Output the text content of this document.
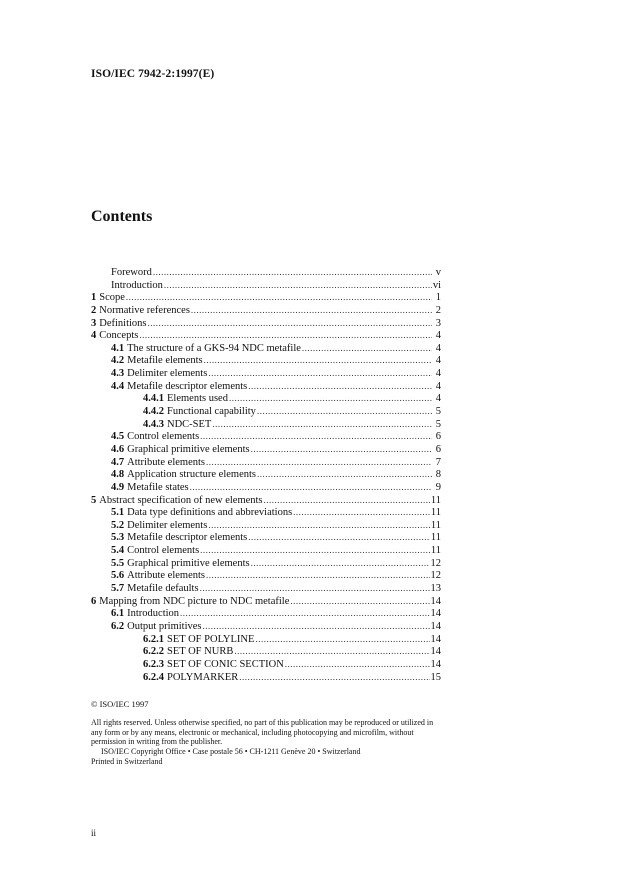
ISO/IEC 7942-2:1997(E)
Contents
Foreword .....	v
Introduction .....	vi
1 Scope .....	1
2 Normative references .....	2
3 Definitions .....	3
4 Concepts .....	4
4.1 The structure of a GKS-94 NDC metafile .....	4
4.2 Metafile elements .....	4
4.3 Delimiter elements .....	4
4.4 Metafile descriptor elements .....	4
4.4.1 Elements used .....	4
4.4.2 Functional capability .....	5
4.4.3 NDC-SET .....	5
4.5 Control elements .....	6
4.6 Graphical primitive elements .....	6
4.7 Attribute elements .....	7
4.8 Application structure elements .....	8
4.9 Metafile states .....	9
5 Abstract specification of new elements .....	11
5.1 Data type definitions and abbreviations .....	11
5.2 Delimiter elements .....	11
5.3 Metafile descriptor elements .....	11
5.4 Control elements .....	11
5.5 Graphical primitive elements .....	12
5.6 Attribute elements .....	12
5.7 Metafile defaults .....	13
6 Mapping from NDC picture to NDC metafile .....	14
6.1 Introduction .....	14
6.2 Output primitives .....	14
6.2.1 SET OF POLYLINE .....	14
6.2.2 SET OF NURB .....	14
6.2.3 SET OF CONIC SECTION .....	14
6.2.4 POLYMARKER .....	15
© ISO/IEC 1997
All rights reserved. Unless otherwise specified, no part of this publication may be reproduced or utilized in any form or by any means, electronic or mechanical, including photocopying and microfilm, without permission in writing from the publisher.
ISO/IEC Copyright Office • Case postale 56 • CH-1211 Genève 20 • Switzerland
Printed in Switzerland
ii
